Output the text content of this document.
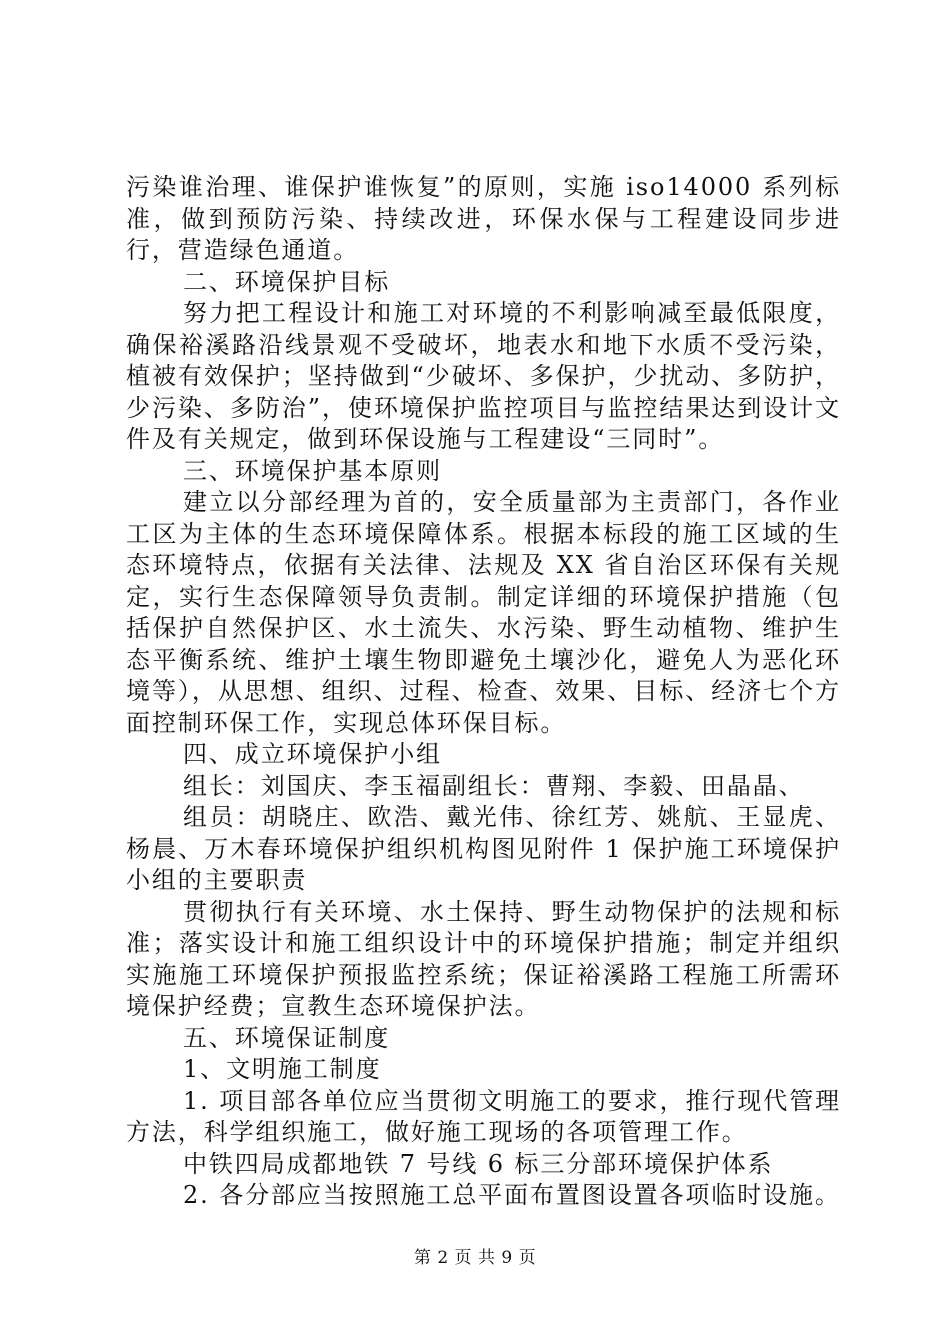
污染谁治理、谁保护谁恢复”的原则，实施 iso14000 系列标准，做到预防污染、持续改进，环保水保与工程建设同步进行，营造绿色通道。

二、环境保护目标

努力把工程设计和施工对环境的不利影响减至最低限度，确保裕溪路沿线景观不受破坏，地表水和地下水质不受污染，植被有效保护；坚持做到“少破坏、多保护，少扰动、多防护，少污染、多防治”，使环境保护监控项目与监控结果达到设计文件及有关规定，做到环保设施与工程建设“三同时”。

三、环境保护基本原则

建立以分部经理为首的，安全质量部为主责部门，各作业工区为主体的生态环境保障体系。根据本标段的施工区域的生态环境特点，依据有关法律、法规及 XX 省自治区环保有关规定，实行生态保障领导负责制。制定详细的环境保护措施（包括保护自然保护区、水土流失、水污染、野生动植物、维护生态平衡系统、维护土壤生物即避免土壤沙化，避免人为恶化环境等），从思想、组织、过程、检查、效果、目标、经济七个方面控制环保工作，实现总体环保目标。

四、成立环境保护小组

组长：刘国庆、李玉福副组长：曹翔、李毅、田晶晶、

组员：胡晓庄、欧浩、戴光伟、徐红芳、姚航、王显虎、杨晨、万木春环境保护组织机构图见附件 1 保护施工环境保护小组的主要职责

贯彻执行有关环境、水土保持、野生动物保护的法规和标准；落实设计和施工组织设计中的环境保护措施；制定并组织实施施工环境保护预报监控系统；保证裕溪路工程施工所需环境保护经费；宣教生态环境保护法。

五、环境保证制度

1、文明施工制度

1. 项目部各单位应当贯彻文明施工的要求，推行现代管理方法，科学组织施工，做好施工现场的各项管理工作。

中铁四局成都地铁 7 号线 6 标三分部环境保护体系

2. 各分部应当按照施工总平面布置图设置各项临时设施。

第 2 页 共 9 页
